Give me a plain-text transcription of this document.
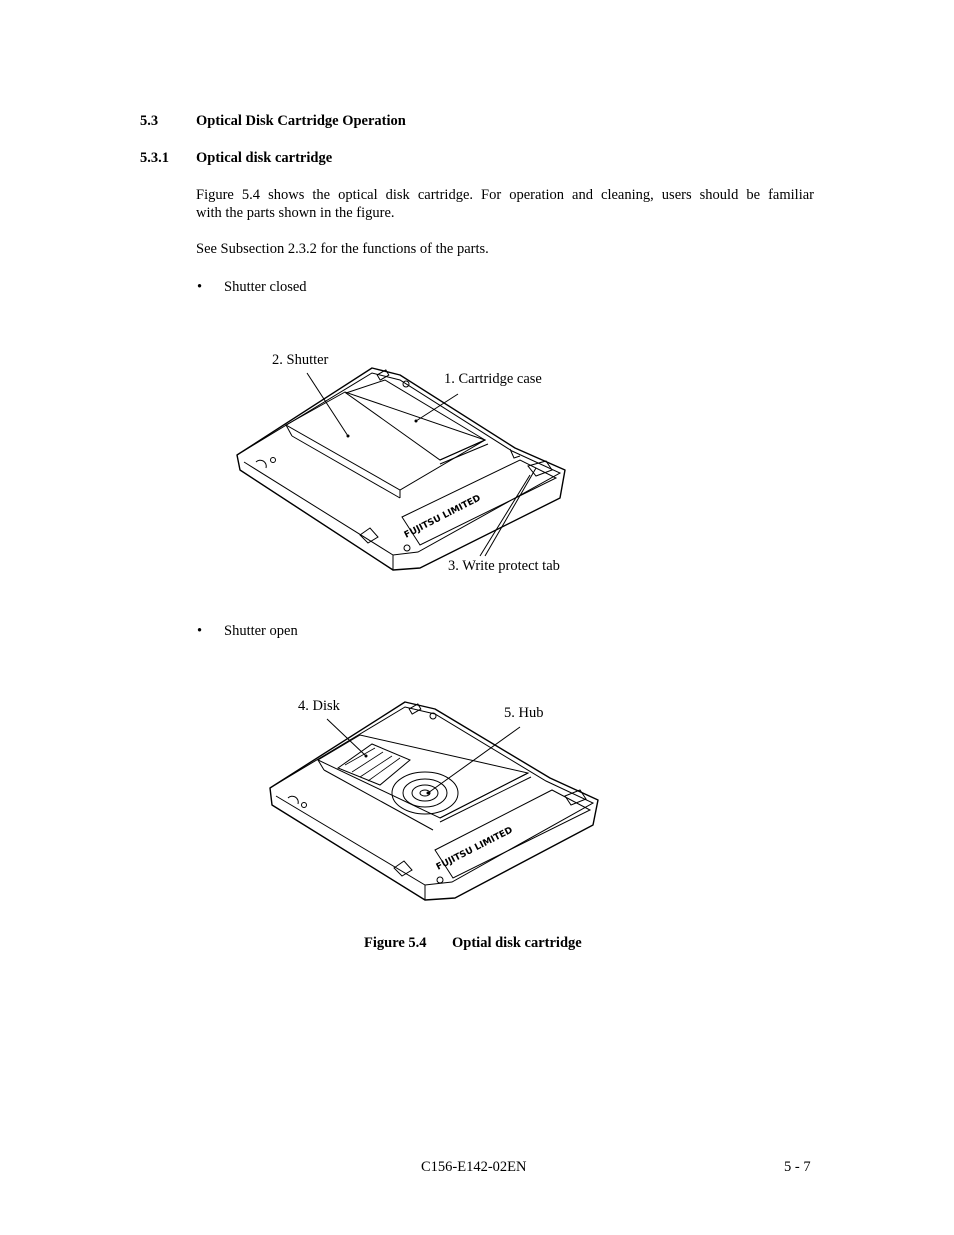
5.3	Optical Disk Cartridge Operation
5.3.1 Optical disk cartridge
Figure 5.4 shows the optical disk cartridge. For operation and cleaning, users should be familiar
with the parts shown in the figure.
See Subsection 2.3.2 for the functions of the parts.
• Shutter closed
FUJITSU LIMITED
2. Shutter
1. Cartridge case
3. Write protect tab
• Shutter open
FUJITSU LIMITED
4. Disk	5. Hub
Figure 5.4 Optial disk cartridge
C156-E142-02EN	5 - 7
